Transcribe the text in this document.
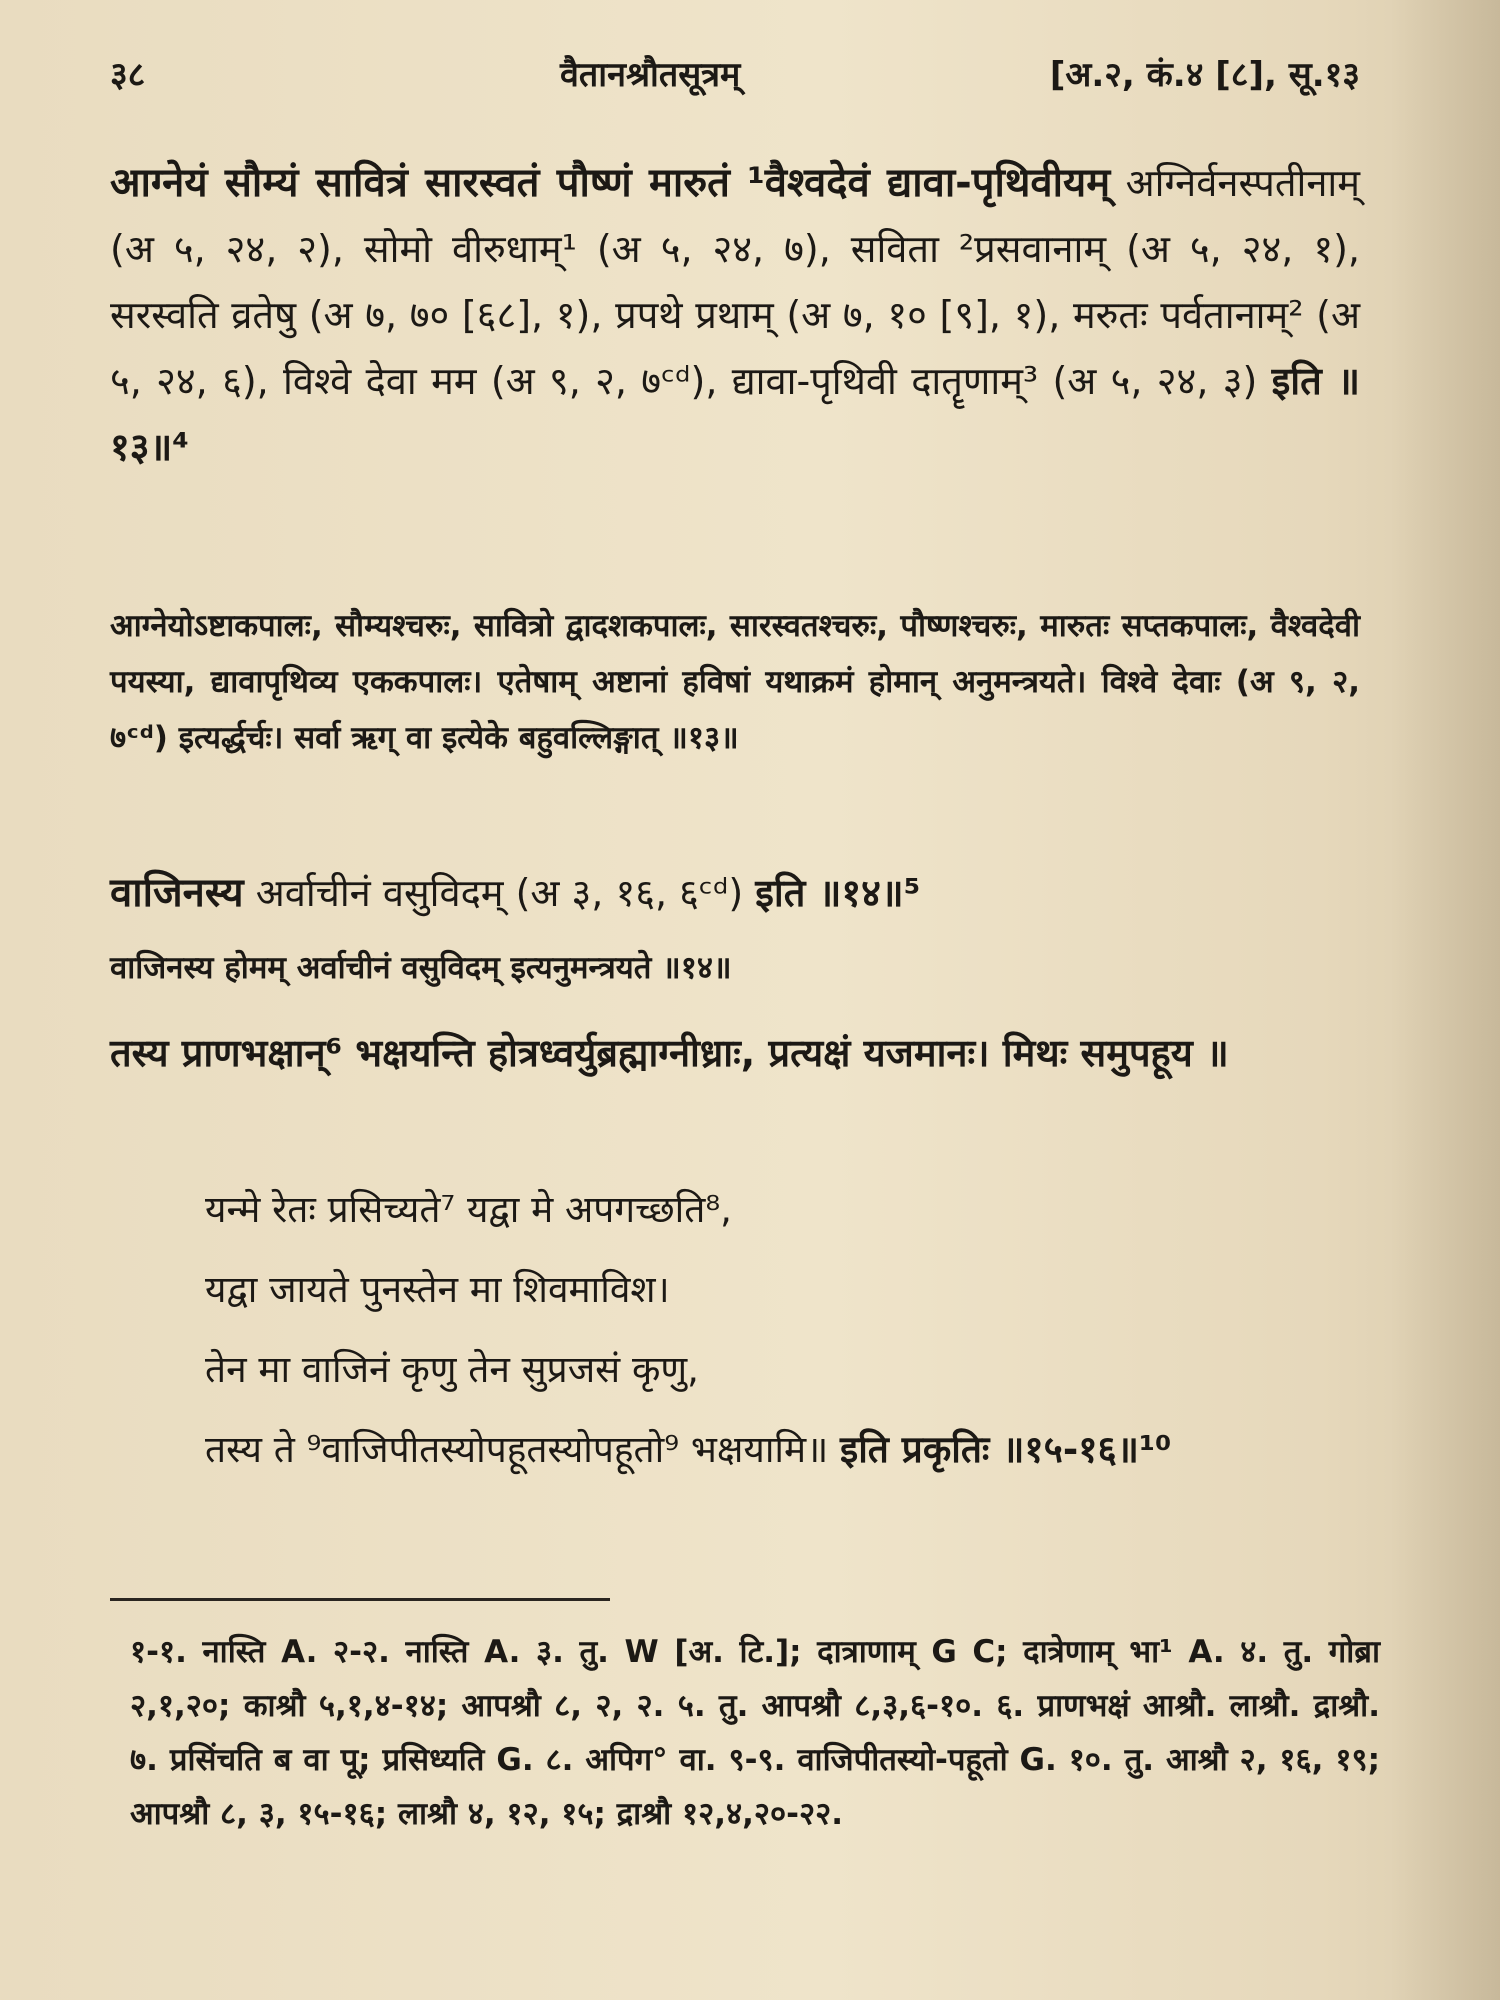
३८	वैतानश्रौतसूत्रम्	[अ.२, कं.४ [८], सू.१३
आग्नेयं सौम्यं सावित्रं सारस्वतं पौष्णं मारुतं ¹वैश्वदेवं द्यावा-पृथिवीयम् अग्निर्वनस्पतीनाम् (अ ५, २४, २), सोमो वीरुधाम्¹ (अ ५, २४, ७), सविता ²प्रसवानाम् (अ ५, २४, १), सरस्वति व्रतेषु (अ ७, ७० [६८], १), प्रपथे प्रथाम् (अ ७, १० [९], १), मरुतः पर्वतानाम्² (अ ५, २४, ६), विश्वे देवा मम (अ ९, २, ७ᶜᵈ), द्यावा-पृथिवी दातॄणाम्³ (अ ५, २४, ३) इति ॥१३॥⁴
आग्नेयोऽष्टाकपालः, सौम्यश्चरुः, सावित्रो द्वादशकपालः, सारस्वतश्चरुः, पौष्णश्चरुः, मारुतः सप्तकपालः, वैश्वदेवी पयस्या, द्यावापृथिव्य एककपालः। एतेषाम् अष्टानां हविषां यथाक्रमं होमान् अनुमन्त्रयते। विश्वे देवाः (अ ९, २, ७ᶜᵈ) इत्यर्द्धर्चः। सर्वा ऋग् वा इत्येके बहुवल्लिङ्गात् ॥१३॥
वाजिनस्य अर्वाचीनं वसुविदम् (अ ३, १६, ६ᶜᵈ) इति ॥१४॥⁵
वाजिनस्य होमम् अर्वाचीनं वसुविदम् इत्यनुमन्त्रयते ॥१४॥
तस्य प्राणभक्षान्⁶ भक्षयन्ति होत्रध्वर्युब्रह्माग्नीध्राः, प्रत्यक्षं यजमानः। मिथः समुपहूय ॥
यन्मे रेतः प्रसिच्यते⁷ यद्वा मे अपगच्छति⁸,
यद्वा जायते पुनस्तेन मा शिवमाविश।
तेन मा वाजिनं कृणु तेन सुप्रजसं कृणु,
तस्य ते ⁹वाजिपीतस्योपहूतस्योपहूतो⁹ भक्षयामि॥ इति प्रकृतिः ॥१५-१६॥¹⁰
१-१. नास्ति A. २-२. नास्ति A. ३. तु. W [अ. टि.]; दात्राणाम् G C; दात्रेणाम् भा¹ A. ४. तु. गोब्रा २,१,२०; काश्रौ ५,१,४-१४; आपश्रौ ८, २, २. ५. तु. आपश्रौ ८,३,६-१०. ६. प्राणभक्षं आश्रौ. लाश्रौ. द्राश्रौ. ७. प्रसिंचति ब वा पू; प्रसिध्यति G. ८. अपिग° वा. ९-९. वाजिपीतस्यो-पहूतो G. १०. तु. आश्रौ २, १६, १९; आपश्रौ ८, ३, १५-१६; लाश्रौ ४, १२, १५; द्राश्रौ १२,४,२०-२२.
